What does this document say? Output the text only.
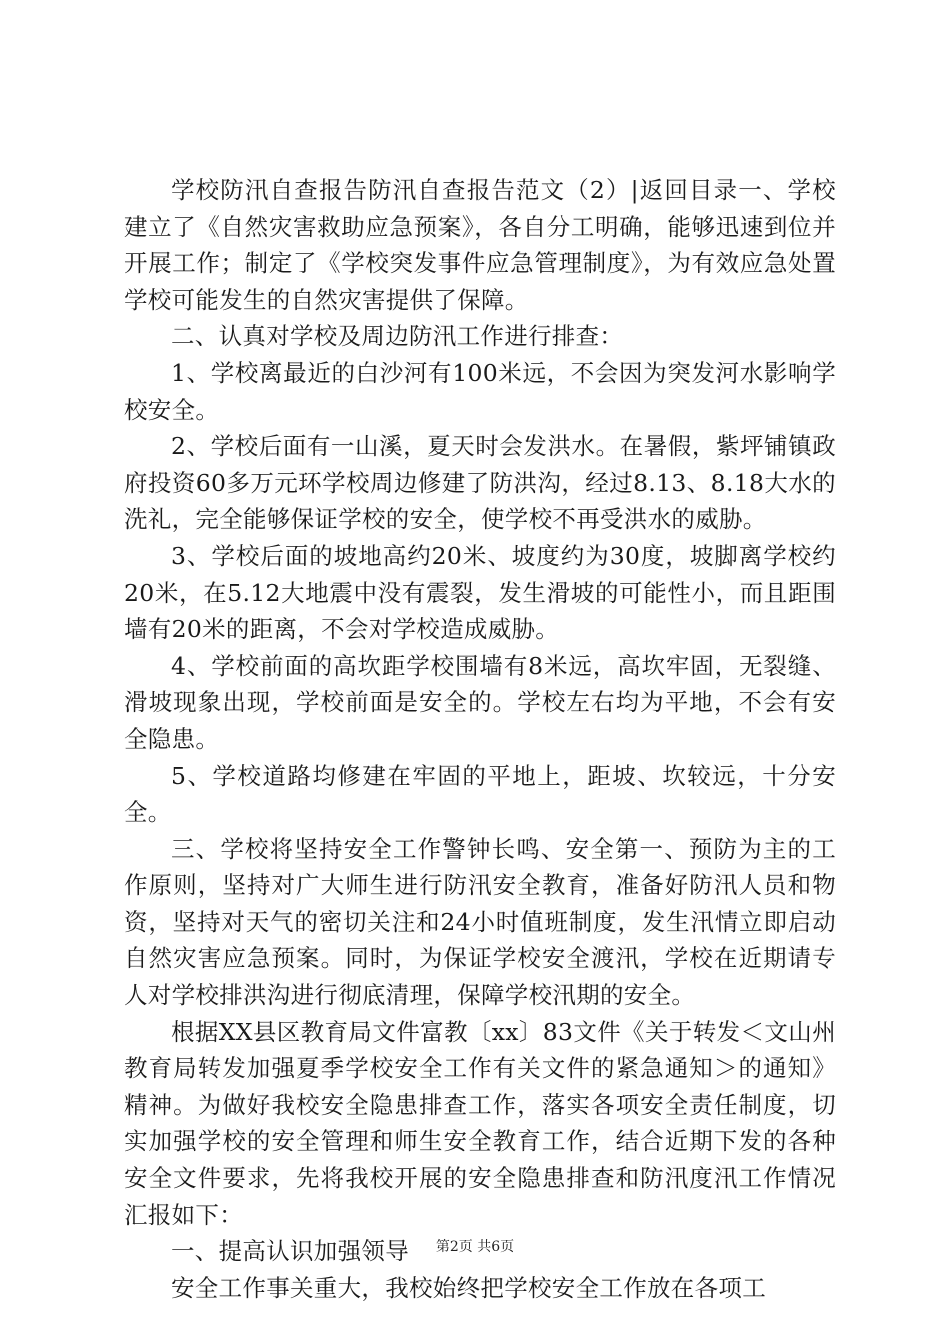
学校防汛自查报告防汛自查报告范文（2）|返回目录一、学校建立了《自然灾害救助应急预案》，各自分工明确，能够迅速到位并开展工作；制定了《学校突发事件应急管理制度》，为有效应急处置学校可能发生的自然灾害提供了保障。

二、认真对学校及周边防汛工作进行排查：

1、学校离最近的白沙河有100米远，不会因为突发河水影响学校安全。

2、学校后面有一山溪，夏天时会发洪水。在暑假，紫坪铺镇政府投资60多万元环学校周边修建了防洪沟，经过8.13、8.18大水的洗礼，完全能够保证学校的安全，使学校不再受洪水的威胁。

3、学校后面的坡地高约20米、坡度约为30度，坡脚离学校约20米，在5.12大地震中没有震裂，发生滑坡的可能性小，而且距围墙有20米的距离，不会对学校造成威胁。

4、学校前面的高坎距学校围墙有8米远，高坎牢固，无裂缝、滑坡现象出现，学校前面是安全的。学校左右均为平地，不会有安全隐患。

5、学校道路均修建在牢固的平地上，距坡、坎较远，十分安全。

三、学校将坚持安全工作警钟长鸣、安全第一、预防为主的工作原则，坚持对广大师生进行防汛安全教育，准备好防汛人员和物资，坚持对天气的密切关注和24小时值班制度，发生汛情立即启动自然灾害应急预案。同时，为保证学校安全渡汛，学校在近期请专人对学校排洪沟进行彻底清理，保障学校汛期的安全。

根据XX县区教育局文件富教〔xx〕83文件《关于转发＜文山州教育局转发加强夏季学校安全工作有关文件的紧急通知＞的通知》精神。为做好我校安全隐患排查工作，落实各项安全责任制度，切实加强学校的安全管理和师生安全教育工作，结合近期下发的各种安全文件要求，先将我校开展的安全隐患排查和防汛度汛工作情况汇报如下：

一、提高认识加强领导

安全工作事关重大，我校始终把学校安全工作放在各项工

第2页 共6页
